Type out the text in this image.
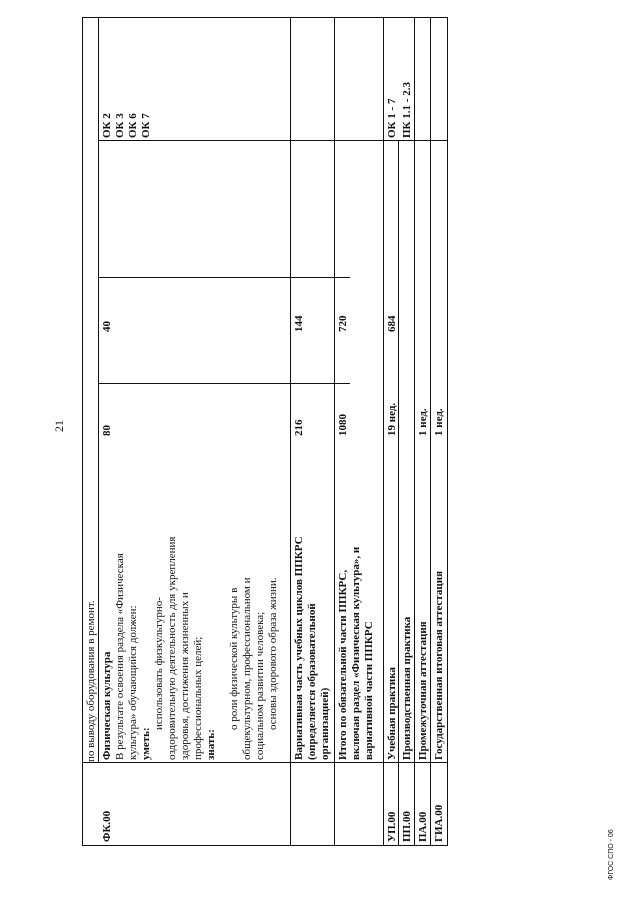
21
по выводу оборудования в ремонт.
ФК.00
Физическая культура В результате освоения раздела «Физическая культура» обучающийся должен: уметь:
использовать физкультурно- оздоровительную деятельность для укрепления здоровья, достижения жизненных и профессиональных целей; знать:
о роли физической культуры в общекультурном, профессиональном и социальном развитии человека; основы здорового образа жизни.
80
40
ОК 2 ОК 3 ОК 6 ОК 7
Вариативная часть учебных циклов ППКРС (определяется образовательной организацией)
216
144
Итого по обязательной части ППКРС, включая раздел «Физическая культура», и вариативной части ППКРС
1080
720
УП.00
Учебная практика
19 нед.
684
ОК 1 - 7
ПП.00
Производственная практика
ПК 1.1 - 2.3
ПА.00
Промежуточная аттестация
1 нед.
ГИА.00
Государственная итоговая аттестация
1 нед.
ФГОС СПО - 06
